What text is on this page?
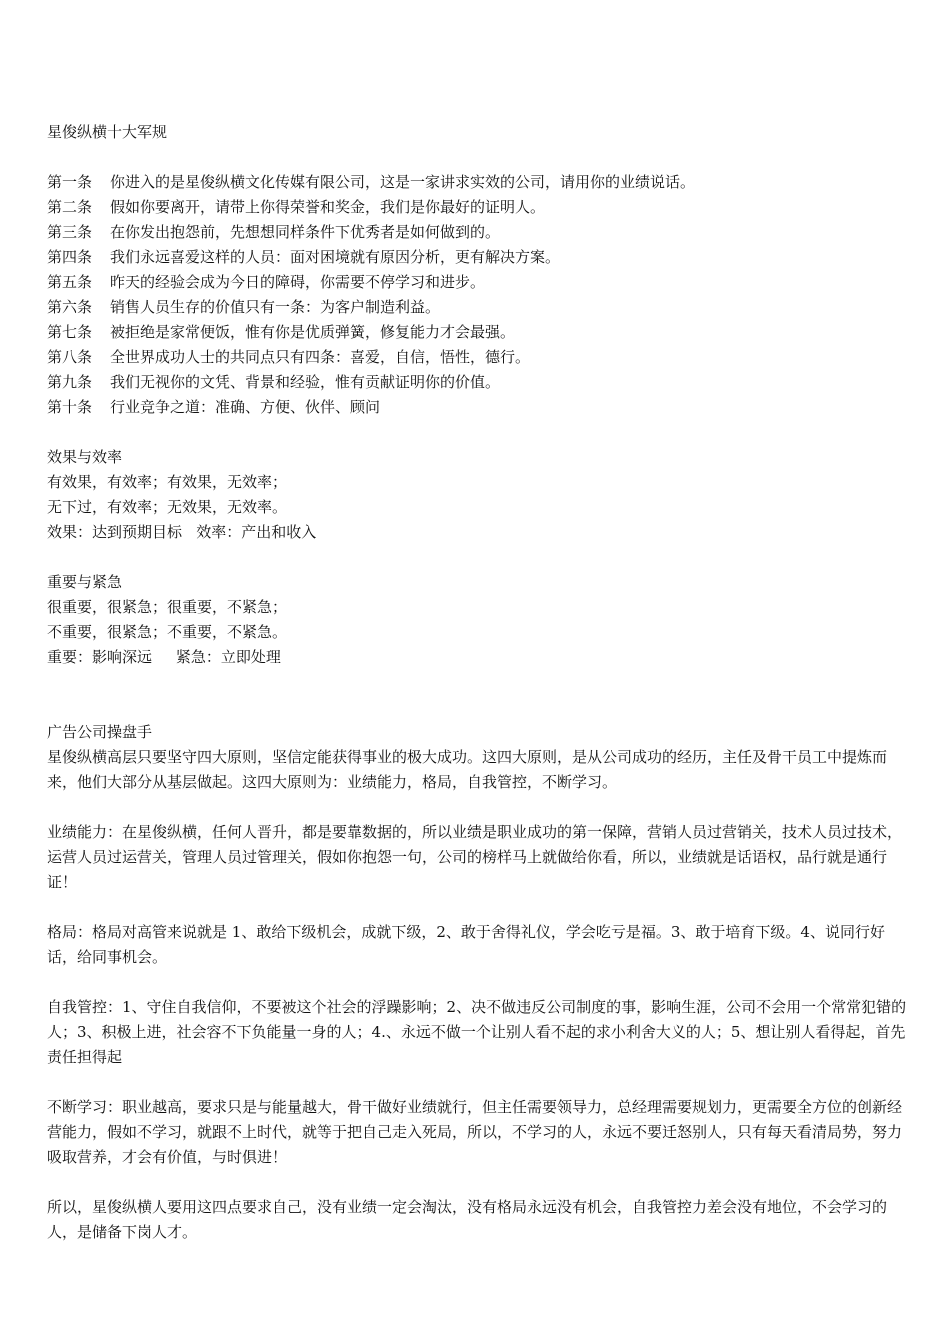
星俊纵横十大军规
第一条 你进入的是星俊纵横文化传媒有限公司，这是一家讲求实效的公司，请用你的业绩说话。
第二条 假如你要离开，请带上你得荣誉和奖金，我们是你最好的证明人。
第三条 在你发出抱怨前，先想想同样条件下优秀者是如何做到的。
第四条 我们永远喜爱这样的人员：面对困境就有原因分析，更有解决方案。
第五条 昨天的经验会成为今日的障碍，你需要不停学习和进步。
第六条 销售人员生存的价值只有一条：为客户制造利益。
第七条 被拒绝是家常便饭，惟有你是优质弹簧，修复能力才会最强。
第八条 全世界成功人士的共同点只有四条：喜爱，自信，悟性，德行。
第九条 我们无视你的文凭、背景和经验，惟有贡献证明你的价值。
第十条 行业竞争之道：准确、方便、伙伴、顾问
效果与效率
有效果，有效率；有效果，无效率；
无下过，有效率；无效果，无效率。
效果：达到预期目标   效率：产出和收入
重要与紧急
很重要，很紧急；很重要，不紧急；
不重要，很紧急；不重要，不紧急。
重要：影响深远     紧急：立即处理
广告公司操盘手
星俊纵横高层只要坚守四大原则，坚信定能获得事业的极大成功。这四大原则，是从公司成功的经历，主任及骨干员工中提炼而来，他们大部分从基层做起。这四大原则为：业绩能力，格局，自我管控，不断学习。
业绩能力：在星俊纵横，任何人晋升，都是要靠数据的，所以业绩是职业成功的第一保障，营销人员过营销关，技术人员过技术，运营人员过运营关，管理人员过管理关，假如你抱怨一句，公司的榜样马上就做给你看，所以，业绩就是话语权，品行就是通行证！
格局：格局对高管来说就是 1、敢给下级机会，成就下级，2、敢于舍得礼仪，学会吃亏是福。3、敢于培育下级。4、说同行好话，给同事机会。
自我管控：1、守住自我信仰，不要被这个社会的浮躁影响；2、决不做违反公司制度的事，影响生涯，公司不会用一个常常犯错的人；3、积极上进，社会容不下负能量一身的人；4.、永远不做一个让别人看不起的求小利舍大义的人；5、想让别人看得起，首先责任担得起
不断学习：职业越高，要求只是与能量越大，骨干做好业绩就行，但主任需要领导力，总经理需要规划力，更需要全方位的创新经营能力，假如不学习，就跟不上时代，就等于把自己走入死局，所以，不学习的人，永远不要迁怒别人，只有每天看清局势，努力吸取营养，才会有价值，与时俱进！
所以，星俊纵横人要用这四点要求自己，没有业绩一定会淘汰，没有格局永远没有机会，自我管控力差会没有地位，不会学习的人，是储备下岗人才。
